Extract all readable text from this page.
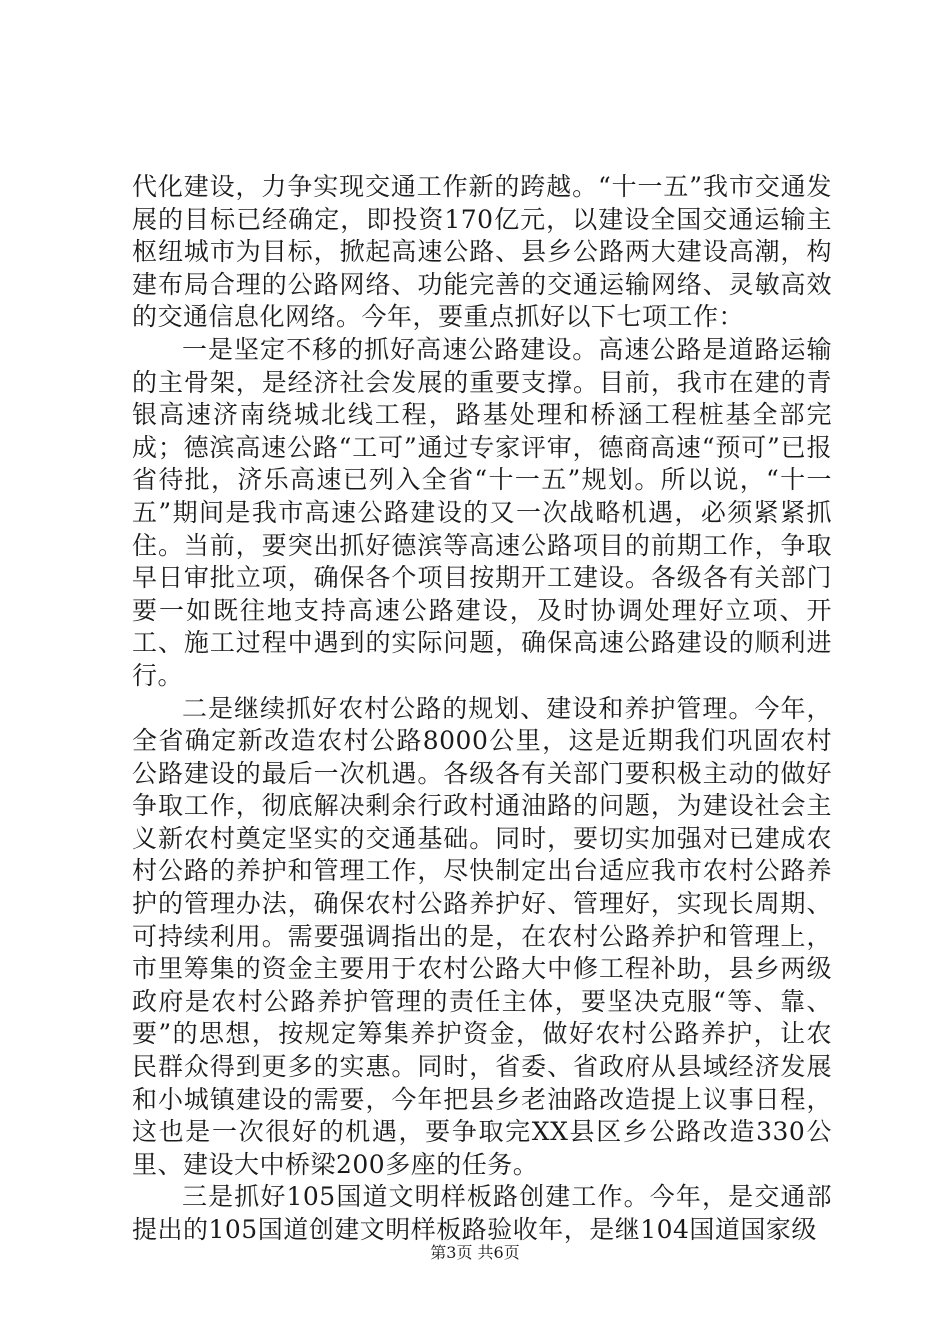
代化建设，力争实现交通工作新的跨越。“十一五”我市交通发展的目标已经确定，即投资170亿元，以建设全国交通运输主枢纽城市为目标，掀起高速公路、县乡公路两大建设高潮，构建布局合理的公路网络、功能完善的交通运输网络、灵敏高效的交通信息化网络。今年，要重点抓好以下七项工作：

一是坚定不移的抓好高速公路建设。高速公路是道路运输的主骨架，是经济社会发展的重要支撑。目前，我市在建的青银高速济南绕城北线工程，路基处理和桥涵工程桩基全部完成；德滨高速公路“工可”通过专家评审，德商高速“预可”已报省待批，济乐高速已列入全省“十一五”规划。所以说，“十一五”期间是我市高速公路建设的又一次战略机遇，必须紧紧抓住。当前，要突出抓好德滨等高速公路项目的前期工作，争取早日审批立项，确保各个项目按期开工建设。各级各有关部门要一如既往地支持高速公路建设，及时协调处理好立项、开工、施工过程中遇到的实际问题，确保高速公路建设的顺利进行。

二是继续抓好农村公路的规划、建设和养护管理。今年，全省确定新改造农村公路8000公里，这是近期我们巩固农村公路建设的最后一次机遇。各级各有关部门要积极主动的做好争取工作，彻底解决剩余行政村通油路的问题，为建设社会主义新农村奠定坚实的交通基础。同时，要切实加强对已建成农村公路的养护和管理工作，尽快制定出台适应我市农村公路养护的管理办法，确保农村公路养护好、管理好，实现长周期、可持续利用。需要强调指出的是，在农村公路养护和管理上，市里筹集的资金主要用于农村公路大中修工程补助，县乡两级政府是农村公路养护管理的责任主体，要坚决克服“等、靠、要”的思想，按规定筹集养护资金，做好农村公路养护，让农民群众得到更多的实惠。同时，省委、省政府从县域经济发展和小城镇建设的需要，今年把县乡老油路改造提上议事日程，这也是一次很好的机遇，要争取完XX县区乡公路改造330公里、建设大中桥梁200多座的任务。

三是抓好105国道文明样板路创建工作。今年，是交通部提出的105国道创建文明样板路验收年，是继104国道国家级

第3页 共6页
